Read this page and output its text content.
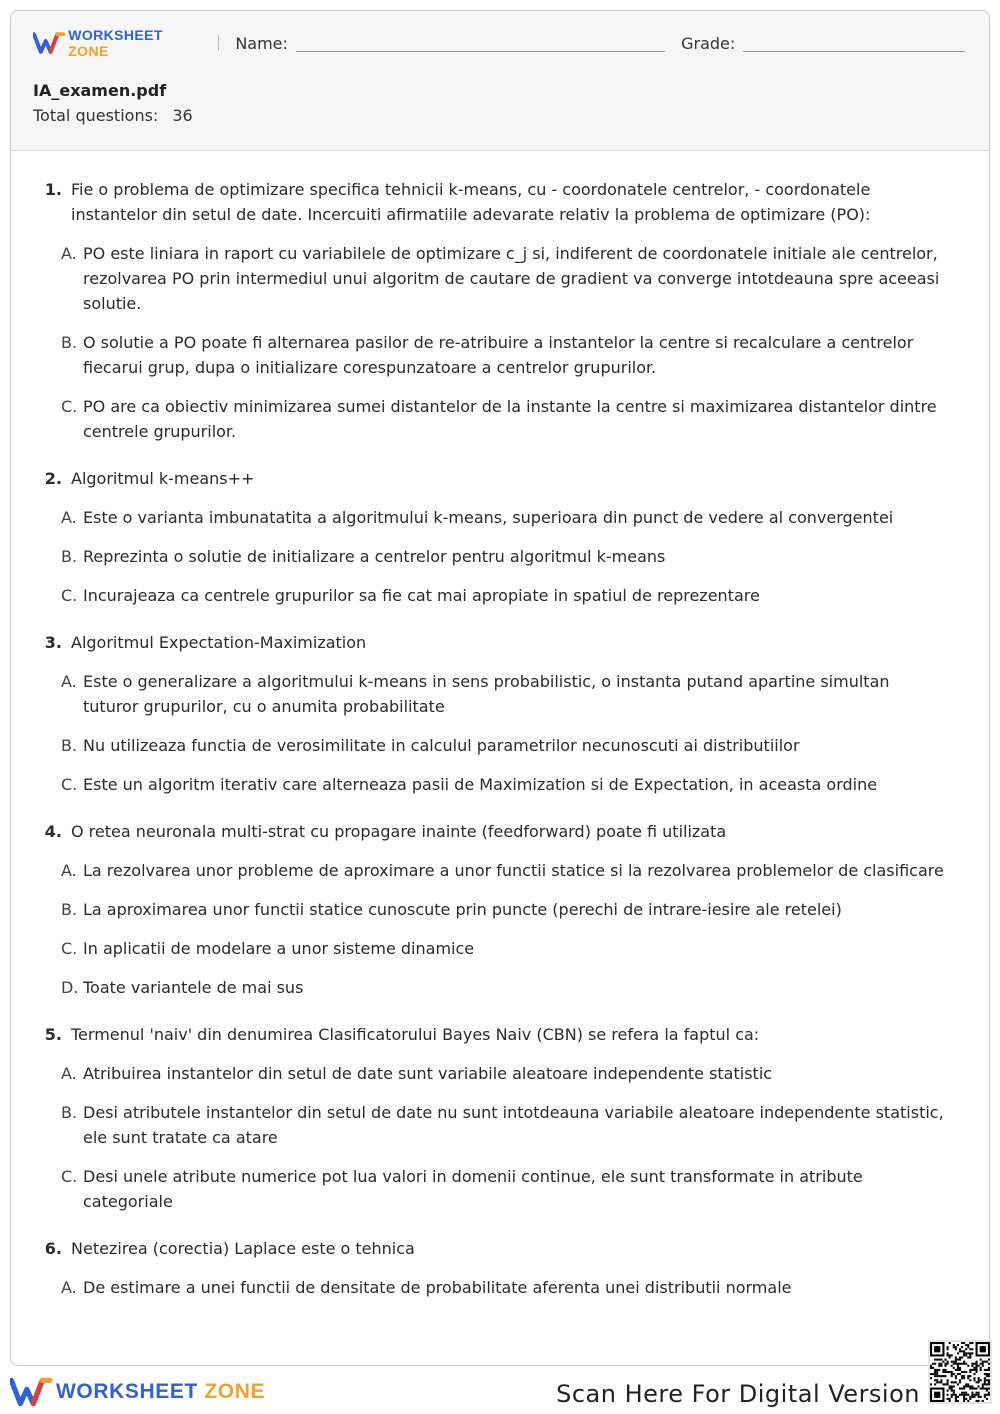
WORKSHEET ZONE	Name:	Grade:
IA_examen.pdf
Total questions: 36
1. Fie o problema de optimizare specifica tehnicii k-means, cu - coordonatele centrelor, - coordonatele instantelor din setul de date. Incercuiti afirmatiile adevarate relativ la problema de optimizare (PO):
A. PO este liniara in raport cu variabilele de optimizare c_j si, indiferent de coordonatele initiale ale centrelor, rezolvarea PO prin intermediul unui algoritm de cautare de gradient va converge intotdeauna spre aceeasi solutie.
B. O solutie a PO poate fi alternarea pasilor de re-atribuire a instantelor la centre si recalculare a centrelor fiecarui grup, dupa o initializare corespunzatoare a centrelor grupurilor.
C. PO are ca obiectiv minimizarea sumei distantelor de la instante la centre si maximizarea distantelor dintre centrele grupurilor.
2. Algoritmul k-means++
A. Este o varianta imbunatatita a algoritmului k-means, superioara din punct de vedere al convergentei
B. Reprezinta o solutie de initializare a centrelor pentru algoritmul k-means
C. Incurajeaza ca centrele grupurilor sa fie cat mai apropiate in spatiul de reprezentare
3. Algoritmul Expectation-Maximization
A. Este o generalizare a algoritmului k-means in sens probabilistic, o instanta putand apartine simultan tuturor grupurilor, cu o anumita probabilitate
B. Nu utilizeaza functia de verosimilitate in calculul parametrilor necunoscuti ai distributiilor
C. Este un algoritm iterativ care alterneaza pasii de Maximization si de Expectation, in aceasta ordine
4. O retea neuronala multi-strat cu propagare inainte (feedforward) poate fi utilizata
A. La rezolvarea unor probleme de aproximare a unor functii statice si la rezolvarea problemelor de clasificare
B. La aproximarea unor functii statice cunoscute prin puncte (perechi de intrare-iesire ale retelei)
C. In aplicatii de modelare a unor sisteme dinamice
D. Toate variantele de mai sus
5. Termenul 'naiv' din denumirea Clasificatorului Bayes Naiv (CBN) se refera la faptul ca:
A. Atribuirea instantelor din setul de date sunt variabile aleatoare independente statistic
B. Desi atributele instantelor din setul de date nu sunt intotdeauna variabile aleatoare independente statistic, ele sunt tratate ca atare
C. Desi unele atribute numerice pot lua valori in domenii continue, ele sunt transformate in atribute categoriale
6. Netezirea (corectia) Laplace este o tehnica
A. De estimare a unei functii de densitate de probabilitate aferenta unei distributii normale
WORKSHEET ZONE	Scan Here For Digital Version
